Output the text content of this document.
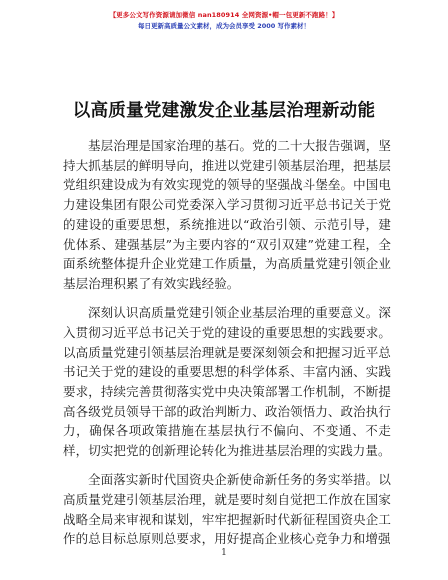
【更多公文写作资源请加微信 nan180914 全网资源•帽一包更新不跑路！】
每日更新高质量公文素材，成为会员享受 2000 写作素材！
以高质量党建激发企业基层治理新动能

基层治理是国家治理的基石。党的二十大报告强调，坚持大抓基层的鲜明导向，推进以党建引领基层治理，把基层党组织建设成为有效实现党的领导的坚强战斗堡垒。中国电力建设集团有限公司党委深入学习贯彻习近平总书记关于党的建设的重要思想，系统推进以“政治引领、示范引导，建优体系、建强基层”为主要内容的“双引双建”党建工程，全面系统整体提升企业党建工作质量，为高质量党建引领企业基层治理积累了有效实践经验。

深刻认识高质量党建引领企业基层治理的重要意义。深入贯彻习近平总书记关于党的建设的重要思想的实践要求。以高质量党建引领基层治理就是要深刻领会和把握习近平总书记关于党的建设的重要思想的科学体系、丰富内涵、实践要求，持续完善贯彻落实党中央决策部署工作机制，不断提高各级党员领导干部的政治判断力、政治领悟力、政治执行力，确保各项政策措施在基层执行不偏向、不变通、不走样，切实把党的创新理论转化为推进基层治理的实践力量。

全面落实新时代国资央企新使命新任务的务实举措。以高质量党建引领基层治理，就是要时刻自觉把工作放在国家战略全局来审视和谋划，牢牢把握新时代新征程国资央企工作的总目标总原则总要求，用好提高企业核心竞争力和增强

1
